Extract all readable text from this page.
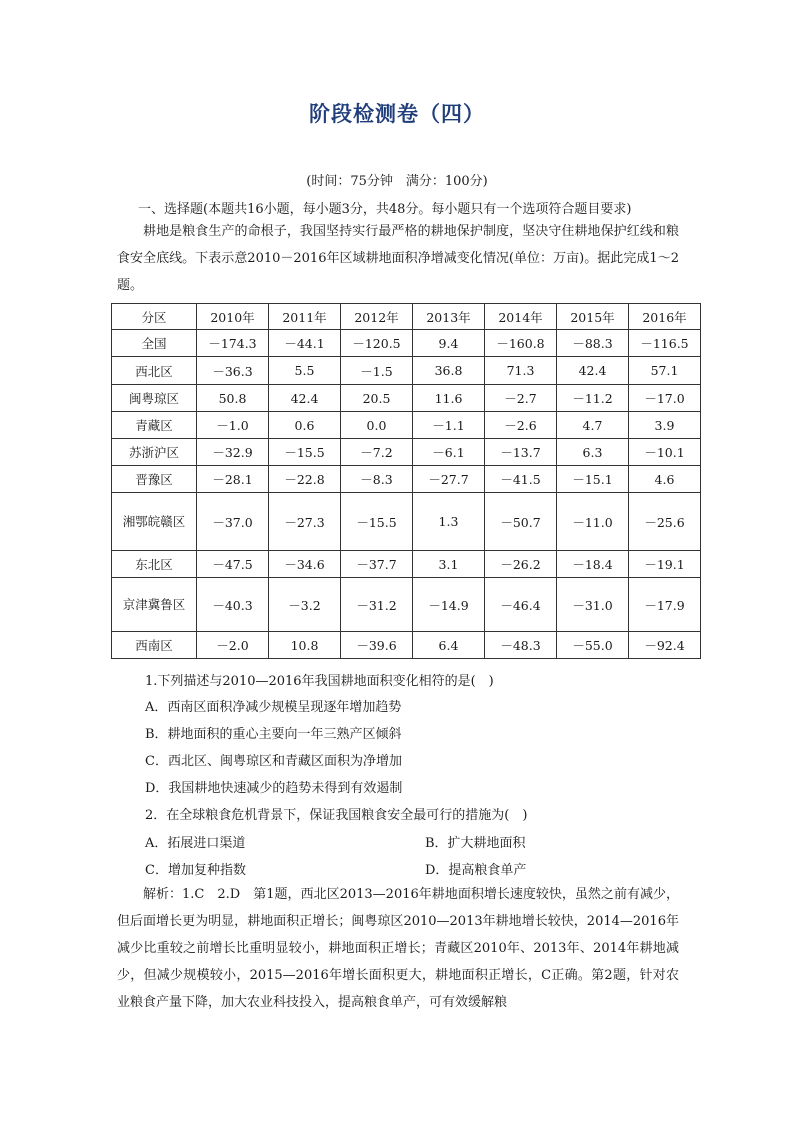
阶段检测卷（四）
(时间：75分钟　满分：100分)
一、选择题(本题共16小题，每小题3分，共48分。每小题只有一个选项符合题目要求)
耕地是粮食生产的命根子，我国坚持实行最严格的耕地保护制度，坚决守住耕地保护红线和粮食安全底线。下表示意2010－2016年区域耕地面积净增减变化情况(单位：万亩)。据此完成1～2题。
分区	2010年	2011年	2012年	2013年	2014年	2015年	2016年
全国	－174.3	－44.1	－120.5	9.4	－160.8	－88.3	－116.5
西北区	－36.3	5.5	－1.5	36.8	71.3	42.4	57.1
闽粤琼区	50.8	42.4	20.5	11.6	－2.7	－11.2	－17.0
青藏区	－1.0	0.6	0.0	－1.1	－2.6	4.7	3.9
苏浙沪区	－32.9	－15.5	－7.2	－6.1	－13.7	6.3	－10.1
晋豫区	－28.1	－22.8	－8.3	－27.7	－41.5	－15.1	4.6
湘鄂皖赣区	－37.0	－27.3	－15.5	1.3	－50.7	－11.0	－25.6
东北区	－47.5	－34.6	－37.7	3.1	－26.2	－18.4	－19.1
京津冀鲁区	－40.3	－3.2	－31.2	－14.9	－46.4	－31.0	－17.9
西南区	－2.0	10.8	－39.6	6.4	－48.3	－55.0	－92.4
1.下列描述与2010—2016年我国耕地面积变化相符的是(　)
A．西南区面积净减少规模呈现逐年增加趋势
B．耕地面积的重心主要向一年三熟产区倾斜
C．西北区、闽粤琼区和青藏区面积为净增加
D．我国耕地快速减少的趋势未得到有效遏制
2．在全球粮食危机背景下，保证我国粮食安全最可行的措施为(　)
A．拓展进口渠道	B．扩大耕地面积
C．增加复种指数	D．提高粮食单产
解析：1.C　2.D　第1题，西北区2013—2016年耕地面积增长速度较快，虽然之前有减少，但后面增长更为明显，耕地面积正增长；闽粤琼区2010—2013年耕地增长较快，2014—2016年减少比重较之前增长比重明显较小，耕地面积正增长；青藏区2010年、2013年、2014年耕地减少，但减少规模较小，2015—2016年增长面积更大，耕地面积正增长，C正确。第2题，针对农业粮食产量下降，加大农业科技投入，提高粮食单产，可有效缓解粮
